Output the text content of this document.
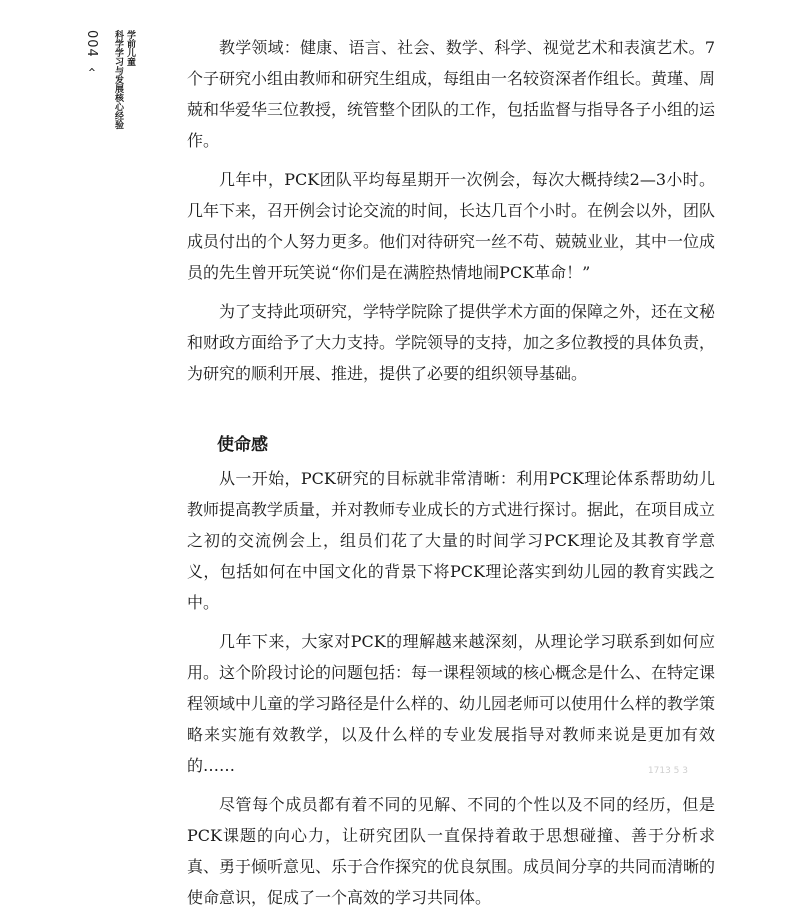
004 ‹
学前儿童
科学学习与发展核心经验	教学领域：健康、语言、社会、数学、科学、视觉艺术和表演艺术。7个子研究小组由教师和研究生组成，每组由一名较资深者作组长。黄瑾、周兢和华爱华三位教授，统管整个团队的工作，包括监督与指导各子小组的运作。

几年中，PCK团队平均每星期开一次例会，每次大概持续2—3小时。几年下来，召开例会讨论交流的时间，长达几百个小时。在例会以外，团队成员付出的个人努力更多。他们对待研究一丝不苟、兢兢业业，其中一位成员的先生曾开玩笑说“你们是在满腔热情地闹PCK革命！”

为了支持此项研究，学特学院除了提供学术方面的保障之外，还在文秘和财政方面给予了大力支持。学院领导的支持，加之多位教授的具体负责，为研究的顺利开展、推进，提供了必要的组织领导基础。

使命感

从一开始，PCK研究的目标就非常清晰：利用PCK理论体系帮助幼儿教师提高教学质量，并对教师专业成长的方式进行探讨。据此，在项目成立之初的交流例会上，组员们花了大量的时间学习PCK理论及其教育学意义，包括如何在中国文化的背景下将PCK理论落实到幼儿园的教育实践之中。

几年下来，大家对PCK的理解越来越深刻，从理论学习联系到如何应用。这个阶段讨论的问题包括：每一课程领域的核心概念是什么、在特定课程领域中儿童的学习路径是什么样的、幼儿园老师可以使用什么样的教学策略来实施有效教学，以及什么样的专业发展指导对教师来说是更加有效的……

尽管每个成员都有着不同的见解、不同的个性以及不同的经历，但是PCK课题的向心力，让研究团队一直保持着敢于思想碰撞、善于分析求真、勇于倾听意见、乐于合作探究的优良氛围。成员间分享的共同而清晰的使命意识，促成了一个高效的学习共同体。

1713 5 3
